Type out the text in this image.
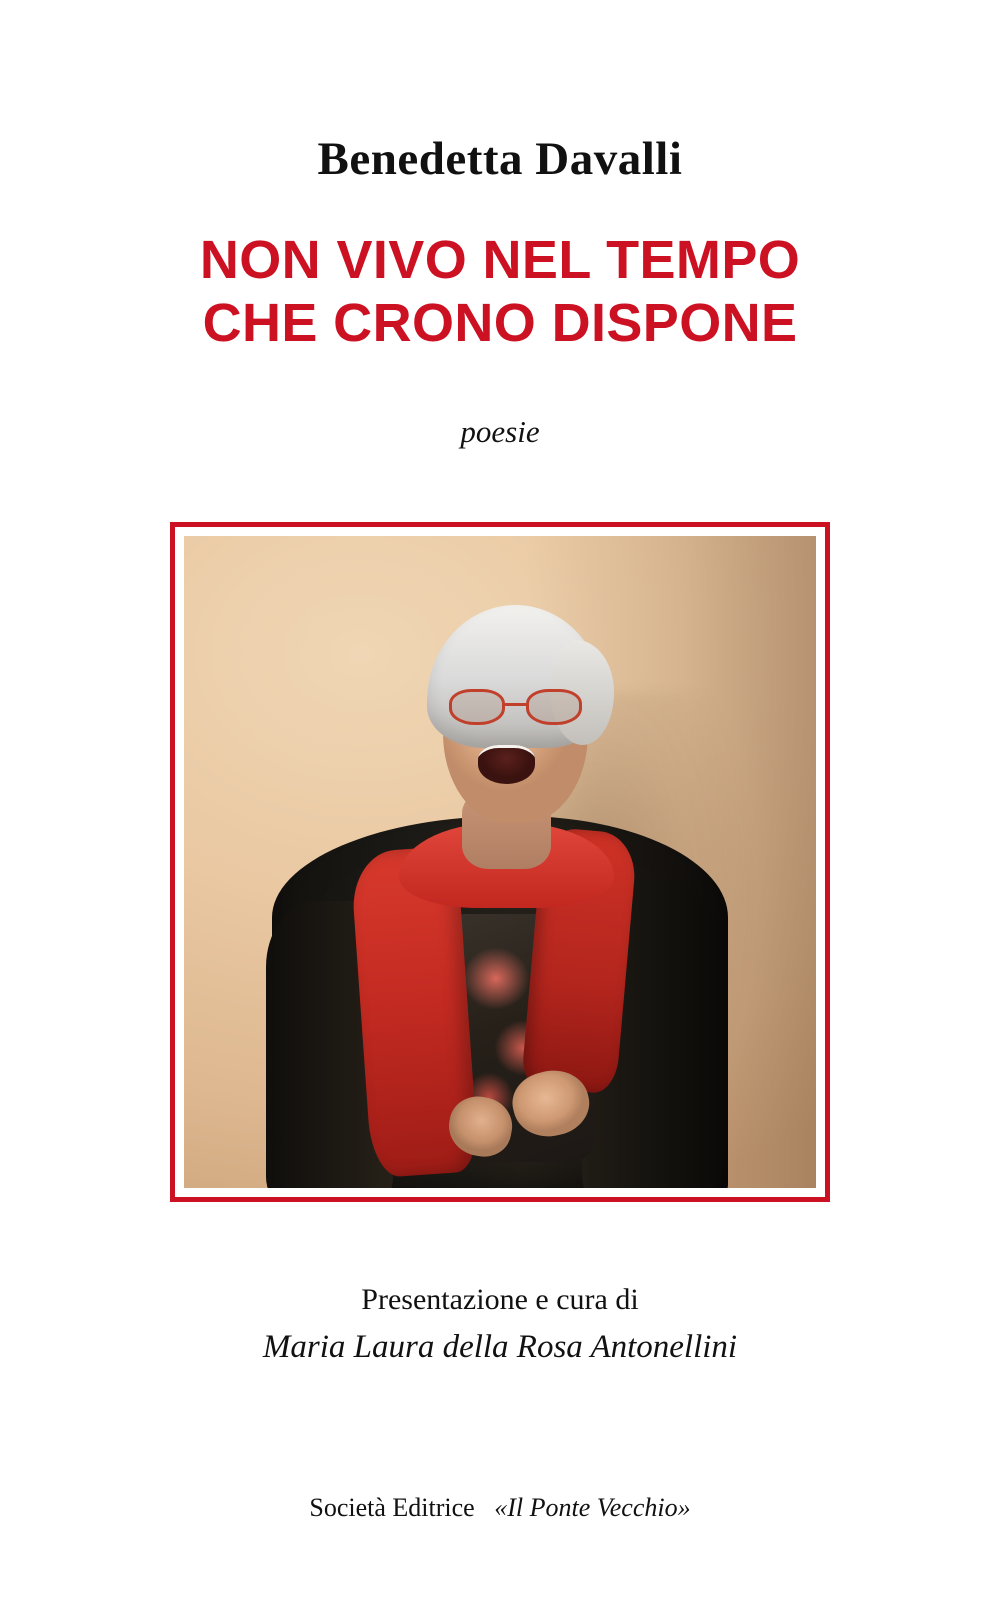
Benedetta Davalli
NON VIVO NEL TEMPO
CHE CRONO DISPONE
poesie
Presentazione e cura di
Maria Laura della Rosa Antonellini
Società Editrice «Il Ponte Vecchio»
